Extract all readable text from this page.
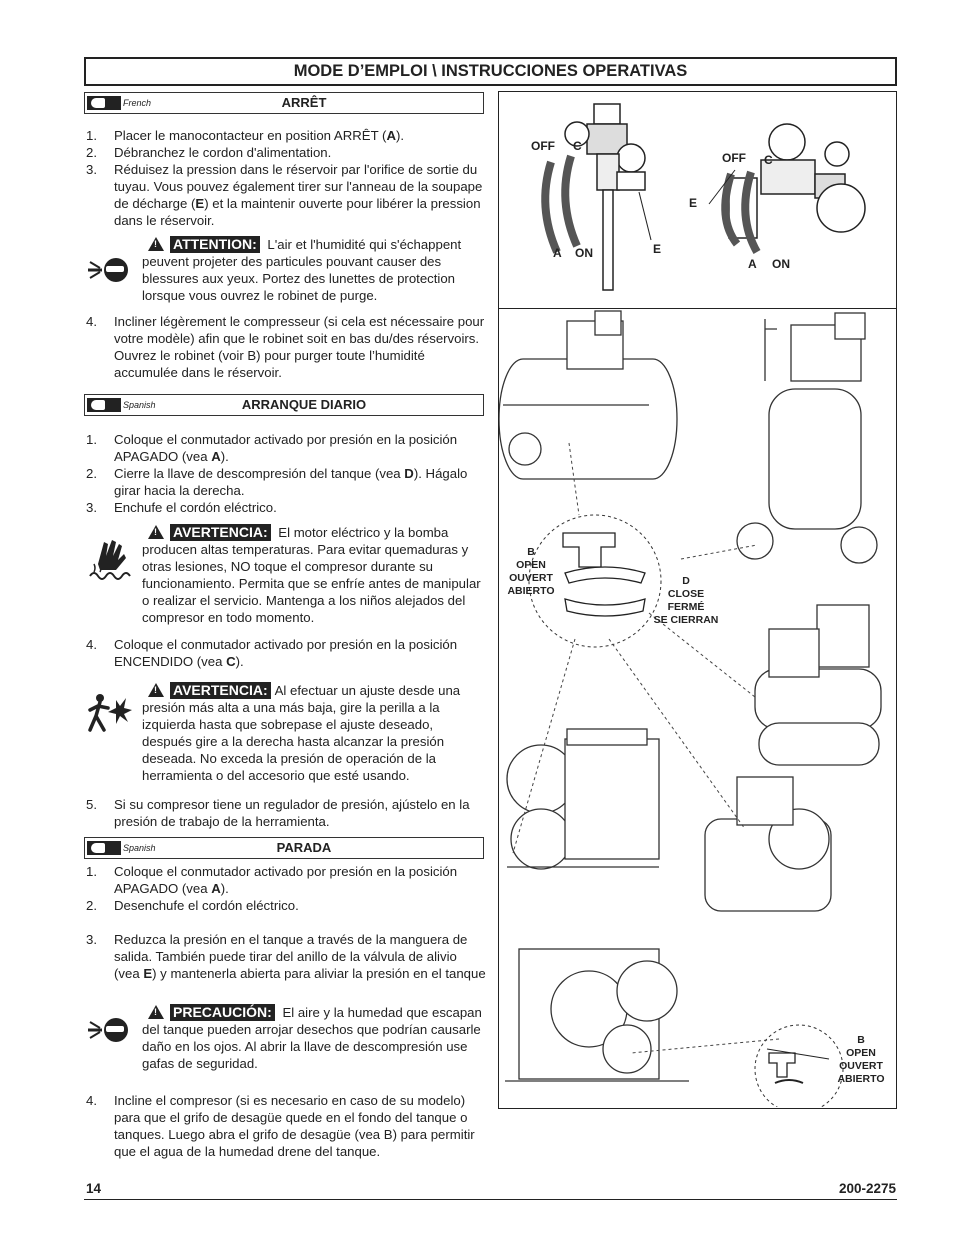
MODE D’EMPLOI \ INSTRUCCIONES OPERATIVAS
French	ARRÊT
1. Placer le manocontacteur en position ARRÊT (A).
2. Débranchez le cordon d'alimentation.
3. Réduisez la pression dans le réservoir par l'orifice de sortie du tuyau. Vous pouvez également tirer sur l'anneau de la soupape de décharge (E) et la maintenir ouverte pour libérer la pression dans le réservoir.
!ATTENTION: L'air et l'humidité qui s'échappent peuvent projeter des particules pouvant causer des blessures aux yeux. Portez des lunettes de protection lorsque vous ouvrez le robinet de purge.
4. Incliner légèrement le compresseur (si cela est nécessaire pour votre modèle) afin que le robinet soit en bas du/des réservoirs. Ouvrez le robinet (voir B) pour purger toute l’humidité accumulée dans le réservoir.
Spanish	ARRANQUE DIARIO
1. Coloque el conmutador activado por presión en la posición APAGADO (vea A).
2. Cierre la llave de descompresión del tanque (vea D). Hágalo girar hacia la derecha.
3. Enchufe el cordón eléctrico.
!AVERTENCIA: El motor eléctrico y la bomba producen altas temperaturas. Para evitar quemaduras y otras lesiones, NO toque el compresor durante su funcionamiento. Permita que se enfríe antes de manipular o realizar el servicio. Mantenga a los niños alejados del compresor en todo momento.
4. Coloque el conmutador activado por presión en la posición ENCENDIDO (vea C).
!AVERTENCIA: Al efectuar un ajuste desde una presión más alta a una más baja, gire la perilla a la izquierda hasta que sobrepase el ajuste deseado, después gire a la derecha hasta alcanzar la presión deseada. No exceda la presión de operación de la herramienta o del accesorio que esté usando.
5. Si su compresor tiene un regulador de presión, ajústelo en la presión de trabajo de la herramienta.
Spanish	PARADA
1. Coloque el conmutador activado por presión en la posición APAGADO (vea A).
2. Desenchufe el cordón eléctrico.
3. Reduzca la presión en el tanque a través de la manguera de salida. También puede tirar del anillo de la válvula de alivio (vea E) y mantenerla abierta para aliviar la presión en el tanque
!PRECAUCIÓN: El aire y la humedad que escapan del tanque pueden arrojar desechos que podrían causarle daño en los ojos. Al abrir la llave de descompresión use gafas de seguridad.
4. Incline el compresor (si es necesario en caso de su modelo) para que el grifo de desagüe quede en el fondo del tanque o tanques. Luego abra el grifo de desagüe (vea B) para permitir que el agua de la humedad drene del tanque.
OFF C
A ON	E
OFF C
E
A ON
B
OPEN
OUVERT
ABIERTO
D
CLOSE
FERMÉ
SE CIERRAN
B
OPEN
OUVERT
ABIERTO
14	200-2275
